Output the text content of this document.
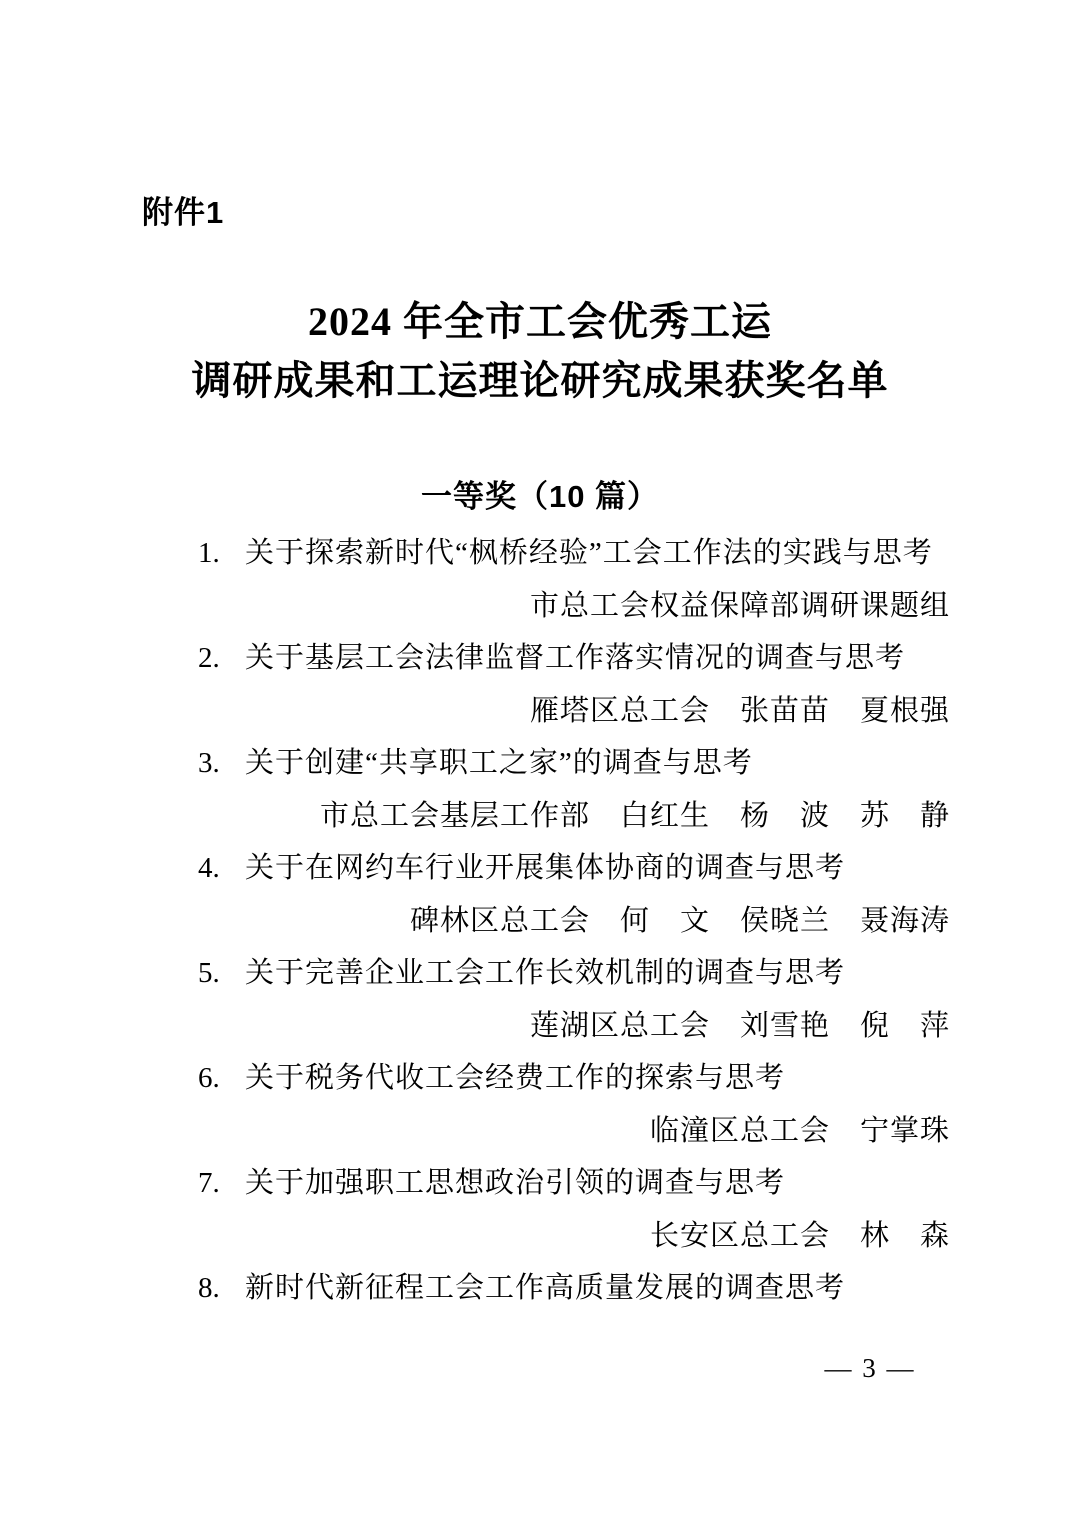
附件1
2024 年全市工会优秀工运
调研成果和工运理论研究成果获奖名单
一等奖（10 篇）
1. 关于探索新时代“枫桥经验”工会工作法的实践与思考
市总工会权益保障部调研课题组
2. 关于基层工会法律监督工作落实情况的调查与思考
雁塔区总工会　张苗苗　夏根强
3. 关于创建“共享职工之家”的调查与思考
市总工会基层工作部　白红生　杨　波　苏　静
4. 关于在网约车行业开展集体协商的调查与思考
碑林区总工会　何　文　侯晓兰　聂海涛
5. 关于完善企业工会工作长效机制的调查与思考
莲湖区总工会　刘雪艳　倪　萍
6. 关于税务代收工会经费工作的探索与思考
临潼区总工会　宁掌珠
7. 关于加强职工思想政治引领的调查与思考
长安区总工会　林　森
8. 新时代新征程工会工作高质量发展的调查思考
— 3 —
